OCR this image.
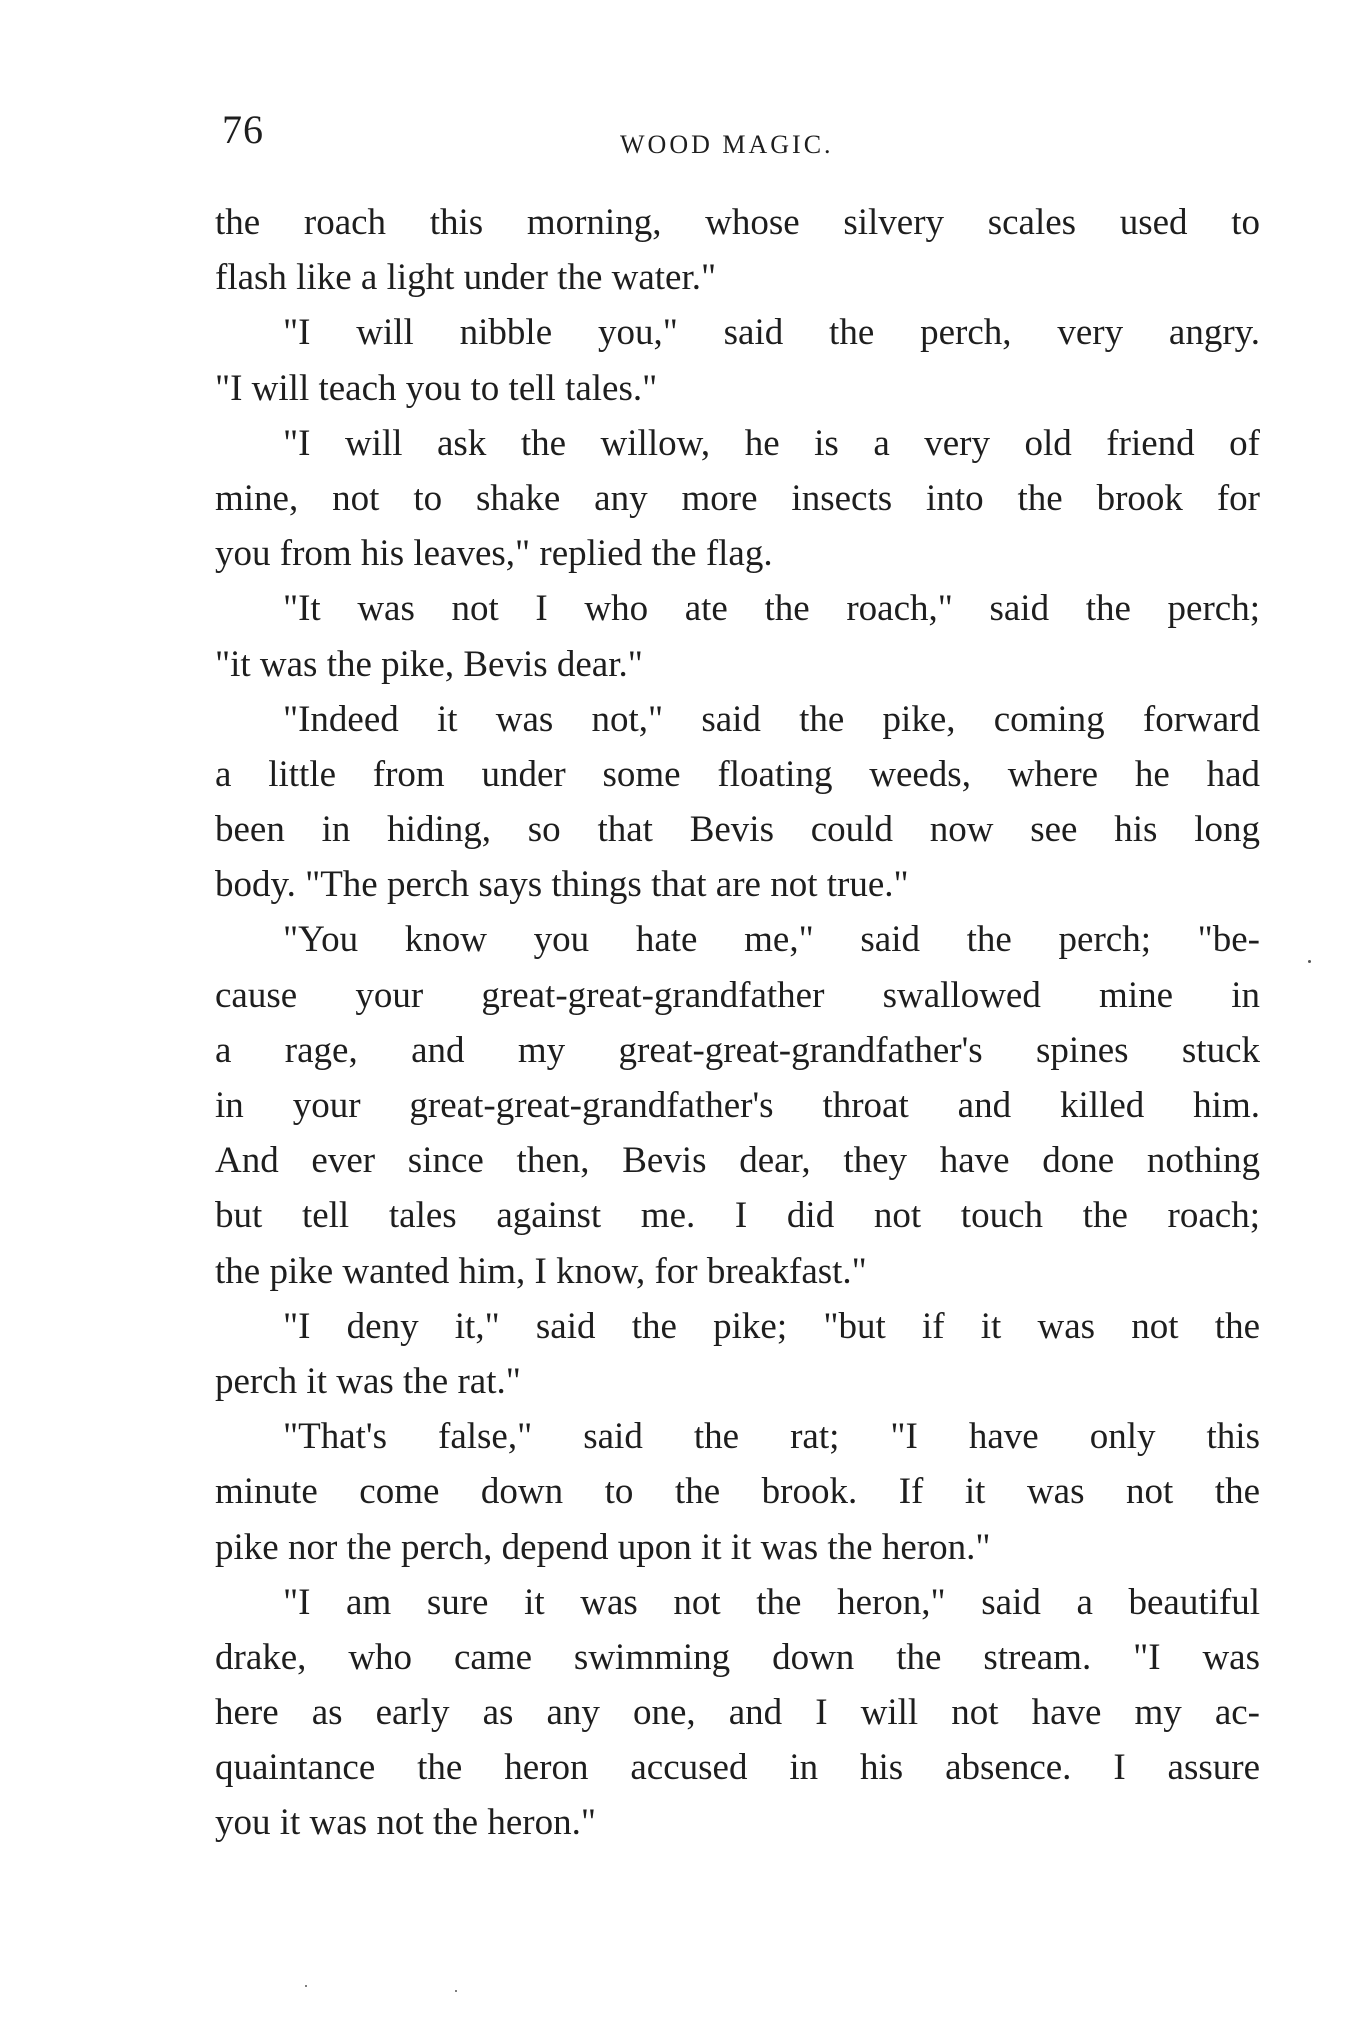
76	WOOD MAGIC.
the roach this morning, whose silvery scales used to
flash like a light under the water."
"I will nibble you," said the perch, very angry.
"I will teach you to tell tales."
"I will ask the willow, he is a very old friend of
mine, not to shake any more insects into the brook for
you from his leaves," replied the flag.
"It was not I who ate the roach," said the perch;
"it was the pike, Bevis dear."
"Indeed it was not," said the pike, coming forward
a little from under some floating weeds, where he had
been in hiding, so that Bevis could now see his long
body. "The perch says things that are not true."
"You know you hate me," said the perch; "be-
cause your great-great-grandfather swallowed mine in
a rage, and my great-great-grandfather's spines stuck
in your great-great-grandfather's throat and killed him.
And ever since then, Bevis dear, they have done nothing
but tell tales against me. I did not touch the roach;
the pike wanted him, I know, for breakfast."
"I deny it," said the pike; "but if it was not the
perch it was the rat."
"That's false," said the rat; "I have only this
minute come down to the brook. If it was not the
pike nor the perch, depend upon it it was the heron."
"I am sure it was not the heron," said a beautiful
drake, who came swimming down the stream. "I was
here as early as any one, and I will not have my ac-
quaintance the heron accused in his absence. I assure
you it was not the heron."
